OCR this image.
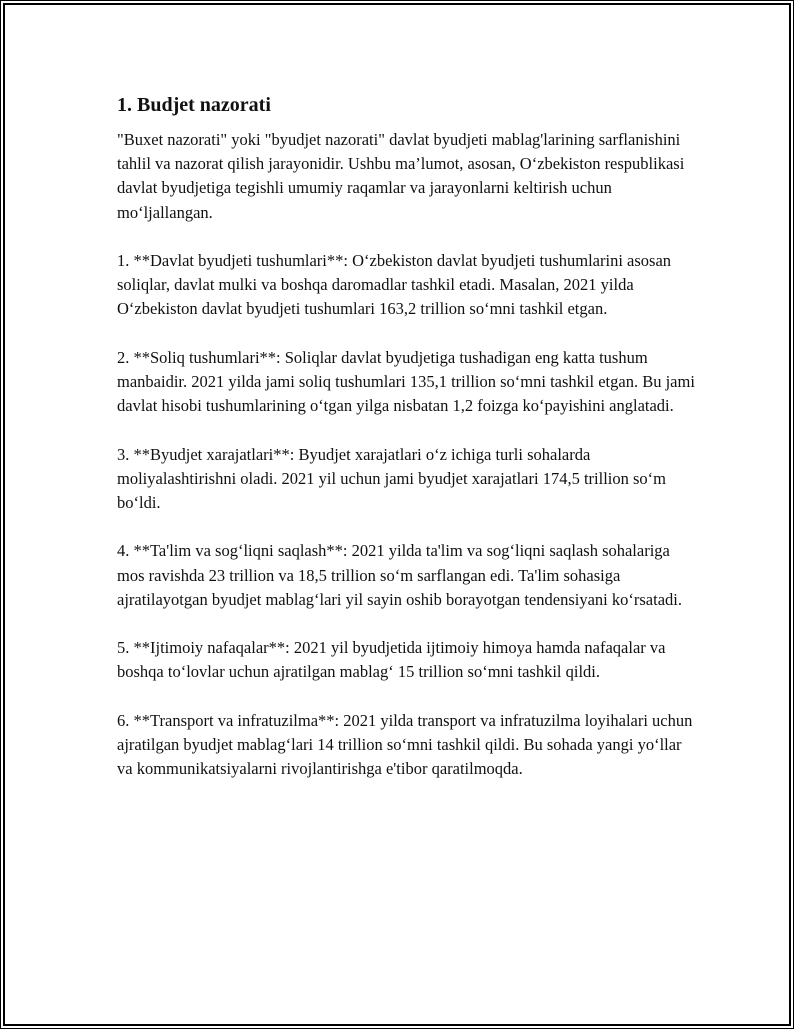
1. Budjet nazorati

"Buxet nazorati" yoki "byudjet nazorati" davlat byudjeti mablag'larining sarflanishini tahlil va nazorat qilish jarayonidir. Ushbu ma’lumot, asosan, O‘zbekiston respublikasi davlat byudjetiga tegishli umumiy raqamlar va jarayonlarni keltirish uchun mo‘ljallangan.

1. **Davlat byudjeti tushumlari**: O‘zbekiston davlat byudjeti tushumlarini asosan soliqlar, davlat mulki va boshqa daromadlar tashkil etadi. Masalan, 2021 yilda O‘zbekiston davlat byudjeti tushumlari 163,2 trillion so‘mni tashkil etgan.

2. **Soliq tushumlari**: Soliqlar davlat byudjetiga tushadigan eng katta tushum manbaidir. 2021 yilda jami soliq tushumlari 135,1 trillion so‘mni tashkil etgan. Bu jami davlat hisobi tushumlarining o‘tgan yilga nisbatan 1,2 foizga ko‘payishini anglatadi.

3. **Byudjet xarajatlari**: Byudjet xarajatlari o‘z ichiga turli sohalarda moliyalashtirishni oladi. 2021 yil uchun jami byudjet xarajatlari 174,5 trillion so‘m bo‘ldi.

4. **Ta'lim va sog‘liqni saqlash**: 2021 yilda ta'lim va sog‘liqni saqlash sohalariga mos ravishda 23 trillion va 18,5 trillion so‘m sarflangan edi. Ta'lim sohasiga ajratilayotgan byudjet mablag‘lari yil sayin oshib borayotgan tendensiyani ko‘rsatadi.

5. **Ijtimoiy nafaqalar**: 2021 yil byudjetida ijtimoiy himoya hamda nafaqalar va boshqa to‘lovlar uchun ajratilgan mablag‘ 15 trillion so‘mni tashkil qildi.

6. **Transport va infratuzilma**: 2021 yilda transport va infratuzilma loyihalari uchun ajratilgan byudjet mablag‘lari 14 trillion so‘mni tashkil qildi. Bu sohada yangi yo‘llar va kommunikatsiyalarni rivojlantirishga e'tibor qaratilmoqda.
